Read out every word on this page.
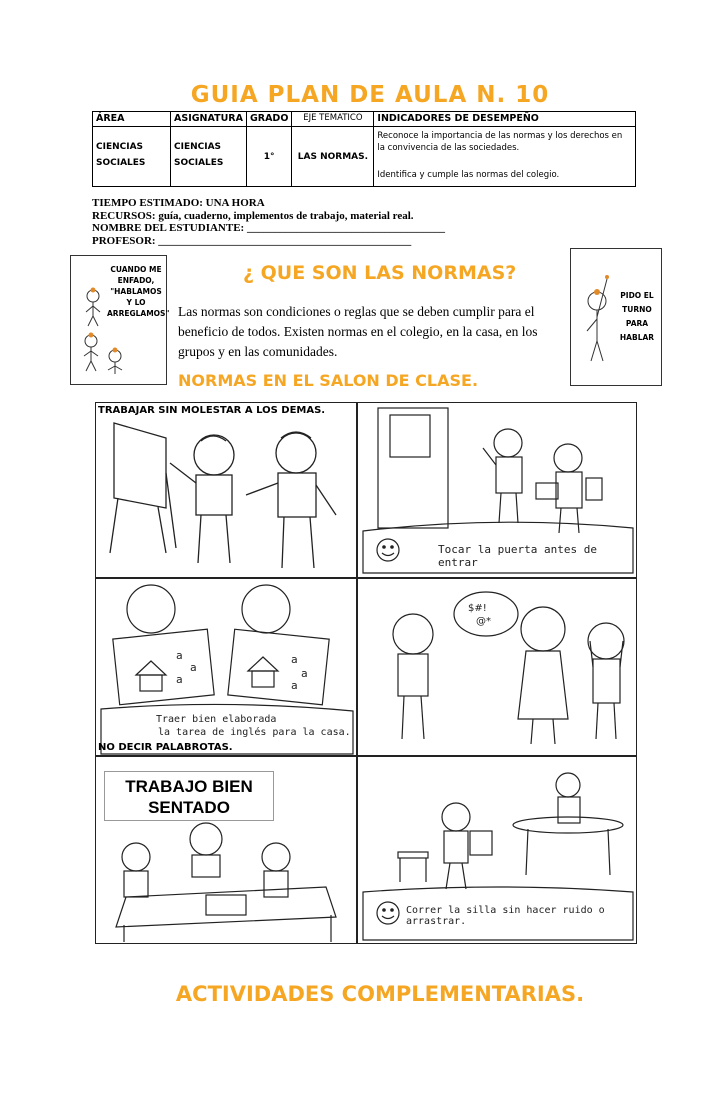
GUIA PLAN DE AULA N. 10
ÁREA	ASIGNATURA	GRADO	EJE TEMATICO	INDICADORES DE DESEMPEÑO
CIENCIAS SOCIALES	CIENCIAS SOCIALES	1°	LAS NORMAS.	Reconoce la importancia de las normas y los derechos en la convivencia de las sociedades.
Identifica y cumple las normas del colegio.
TIEMPO ESTIMADO: UNA HORA
RECURSOS: guía, cuaderno, implementos de trabajo, material real.
NOMBRE DEL ESTUDIANTE: ____________________________________
PROFESOR: ______________________________________________
CUANDO ME ENFADO, "HABLAMOS Y LO ARREGLAMOS"
PIDO EL TURNO PARA HABLAR
¿ QUE SON LAS NORMAS?
Las normas son condiciones o reglas que se deben cumplir para el beneficio de todos. Existen normas en el colegio, en la casa, en los grupos y en las comunidades.
NORMAS EN EL SALON DE CLASE.
TRABAJAR SIN MOLESTAR A LOS DEMAS.
Tocar la puerta antes de entrar
a
a
a
a
a
a
Traer bien elaborada
la tarea de inglés para la casa.
NO DECIR PALABROTAS.
$#!
@*
TRABAJO BIEN SENTADO
Correr la silla sin hacer ruido o arrastrar.
ACTIVIDADES COMPLEMENTARIAS.
